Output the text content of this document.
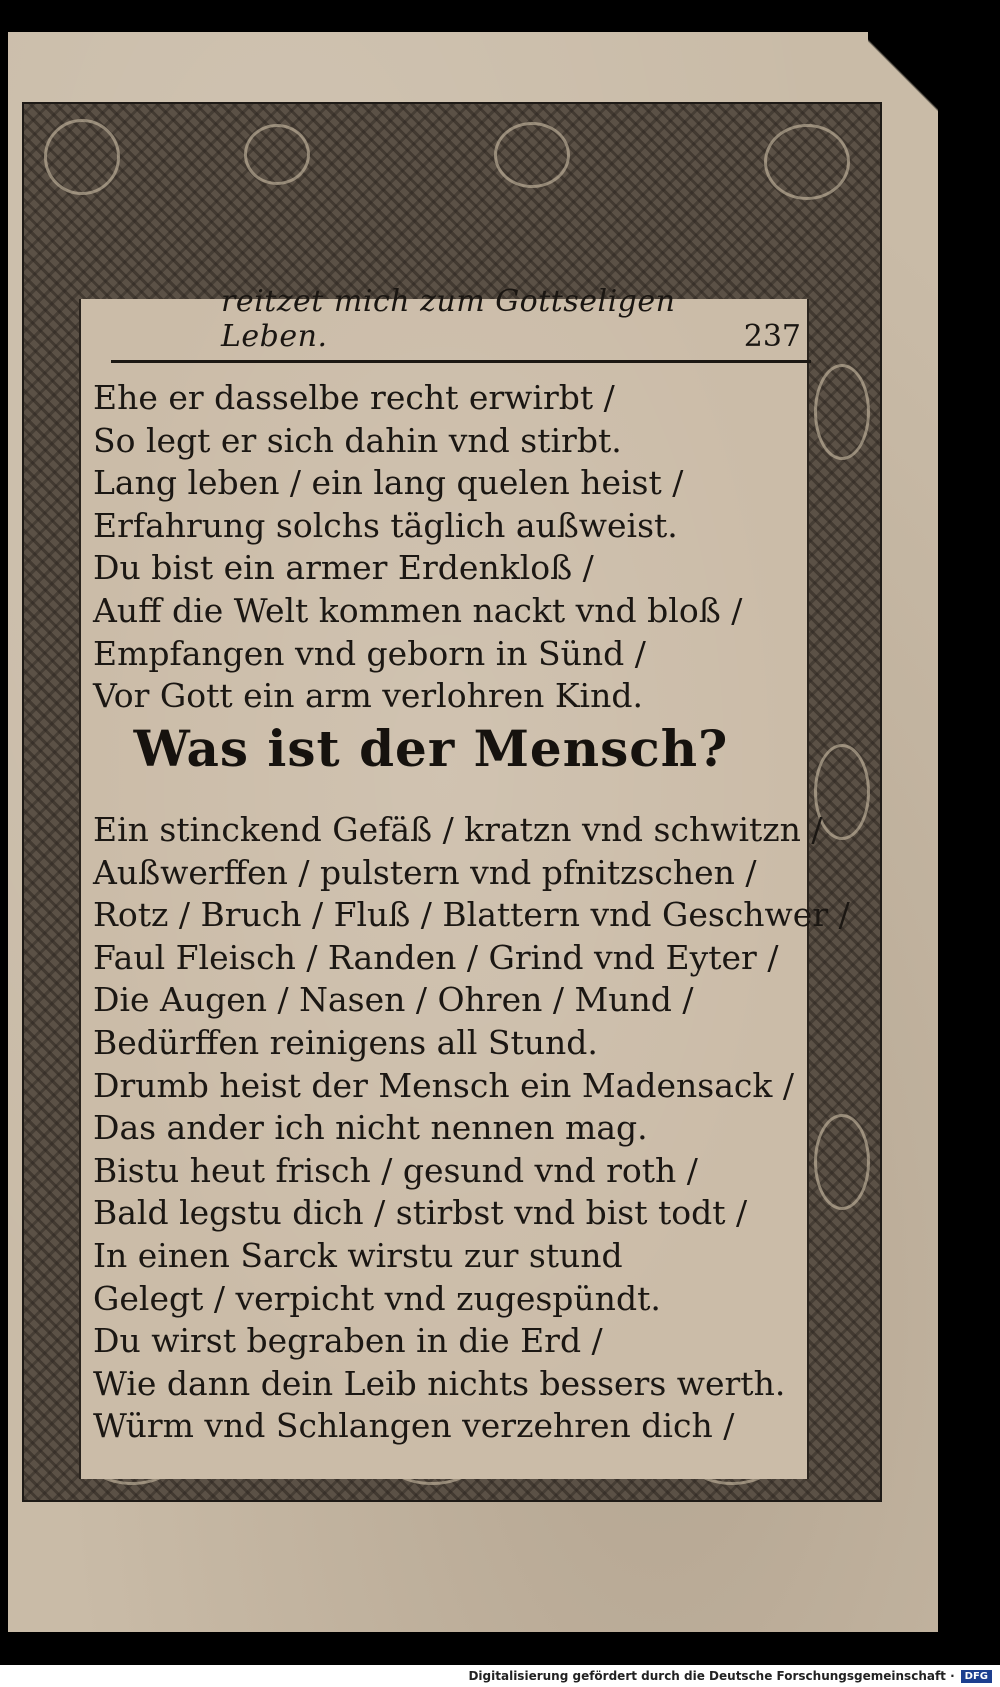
reitzet mich zum Gottseligen Leben.	237
Ehe er dasselbe recht erwirbt /
So legt er sich dahin vnd stirbt.
Lang leben / ein lang quelen heist /
Erfahrung solchs täglich außweist.
Du bist ein armer Erdenkloß /
Auff die Welt kommen nackt vnd bloß /
Empfangen vnd geborn in Sünd /
Vor Gott ein arm verlohren Kind.
Was ist der Mensch?
Ein stinckend Gefäß / kratzn vnd schwitzn /
Außwerffen / pulstern vnd pfnitzschen /
Rotz / Bruch / Fluß / Blattern vnd Geschwer /
Faul Fleisch / Randen / Grind vnd Eyter /
Die Augen / Nasen / Ohren / Mund /
Bedürffen reinigens all Stund.
Drumb heist der Mensch ein Madensack /
Das ander ich nicht nennen mag.
Bistu heut frisch / gesund vnd roth /
Bald legstu dich / stirbst vnd bist todt /
In einen Sarck wirstu zur stund
Gelegt / verpicht vnd zugespündt.
Du wirst begraben in die Erd /
Wie dann dein Leib nichts bessers werth.
Würm vnd Schlangen verzehren dich /
Digitalisierung gefördert durch die Deutsche Forschungsgemeinschaft ·	DFG
